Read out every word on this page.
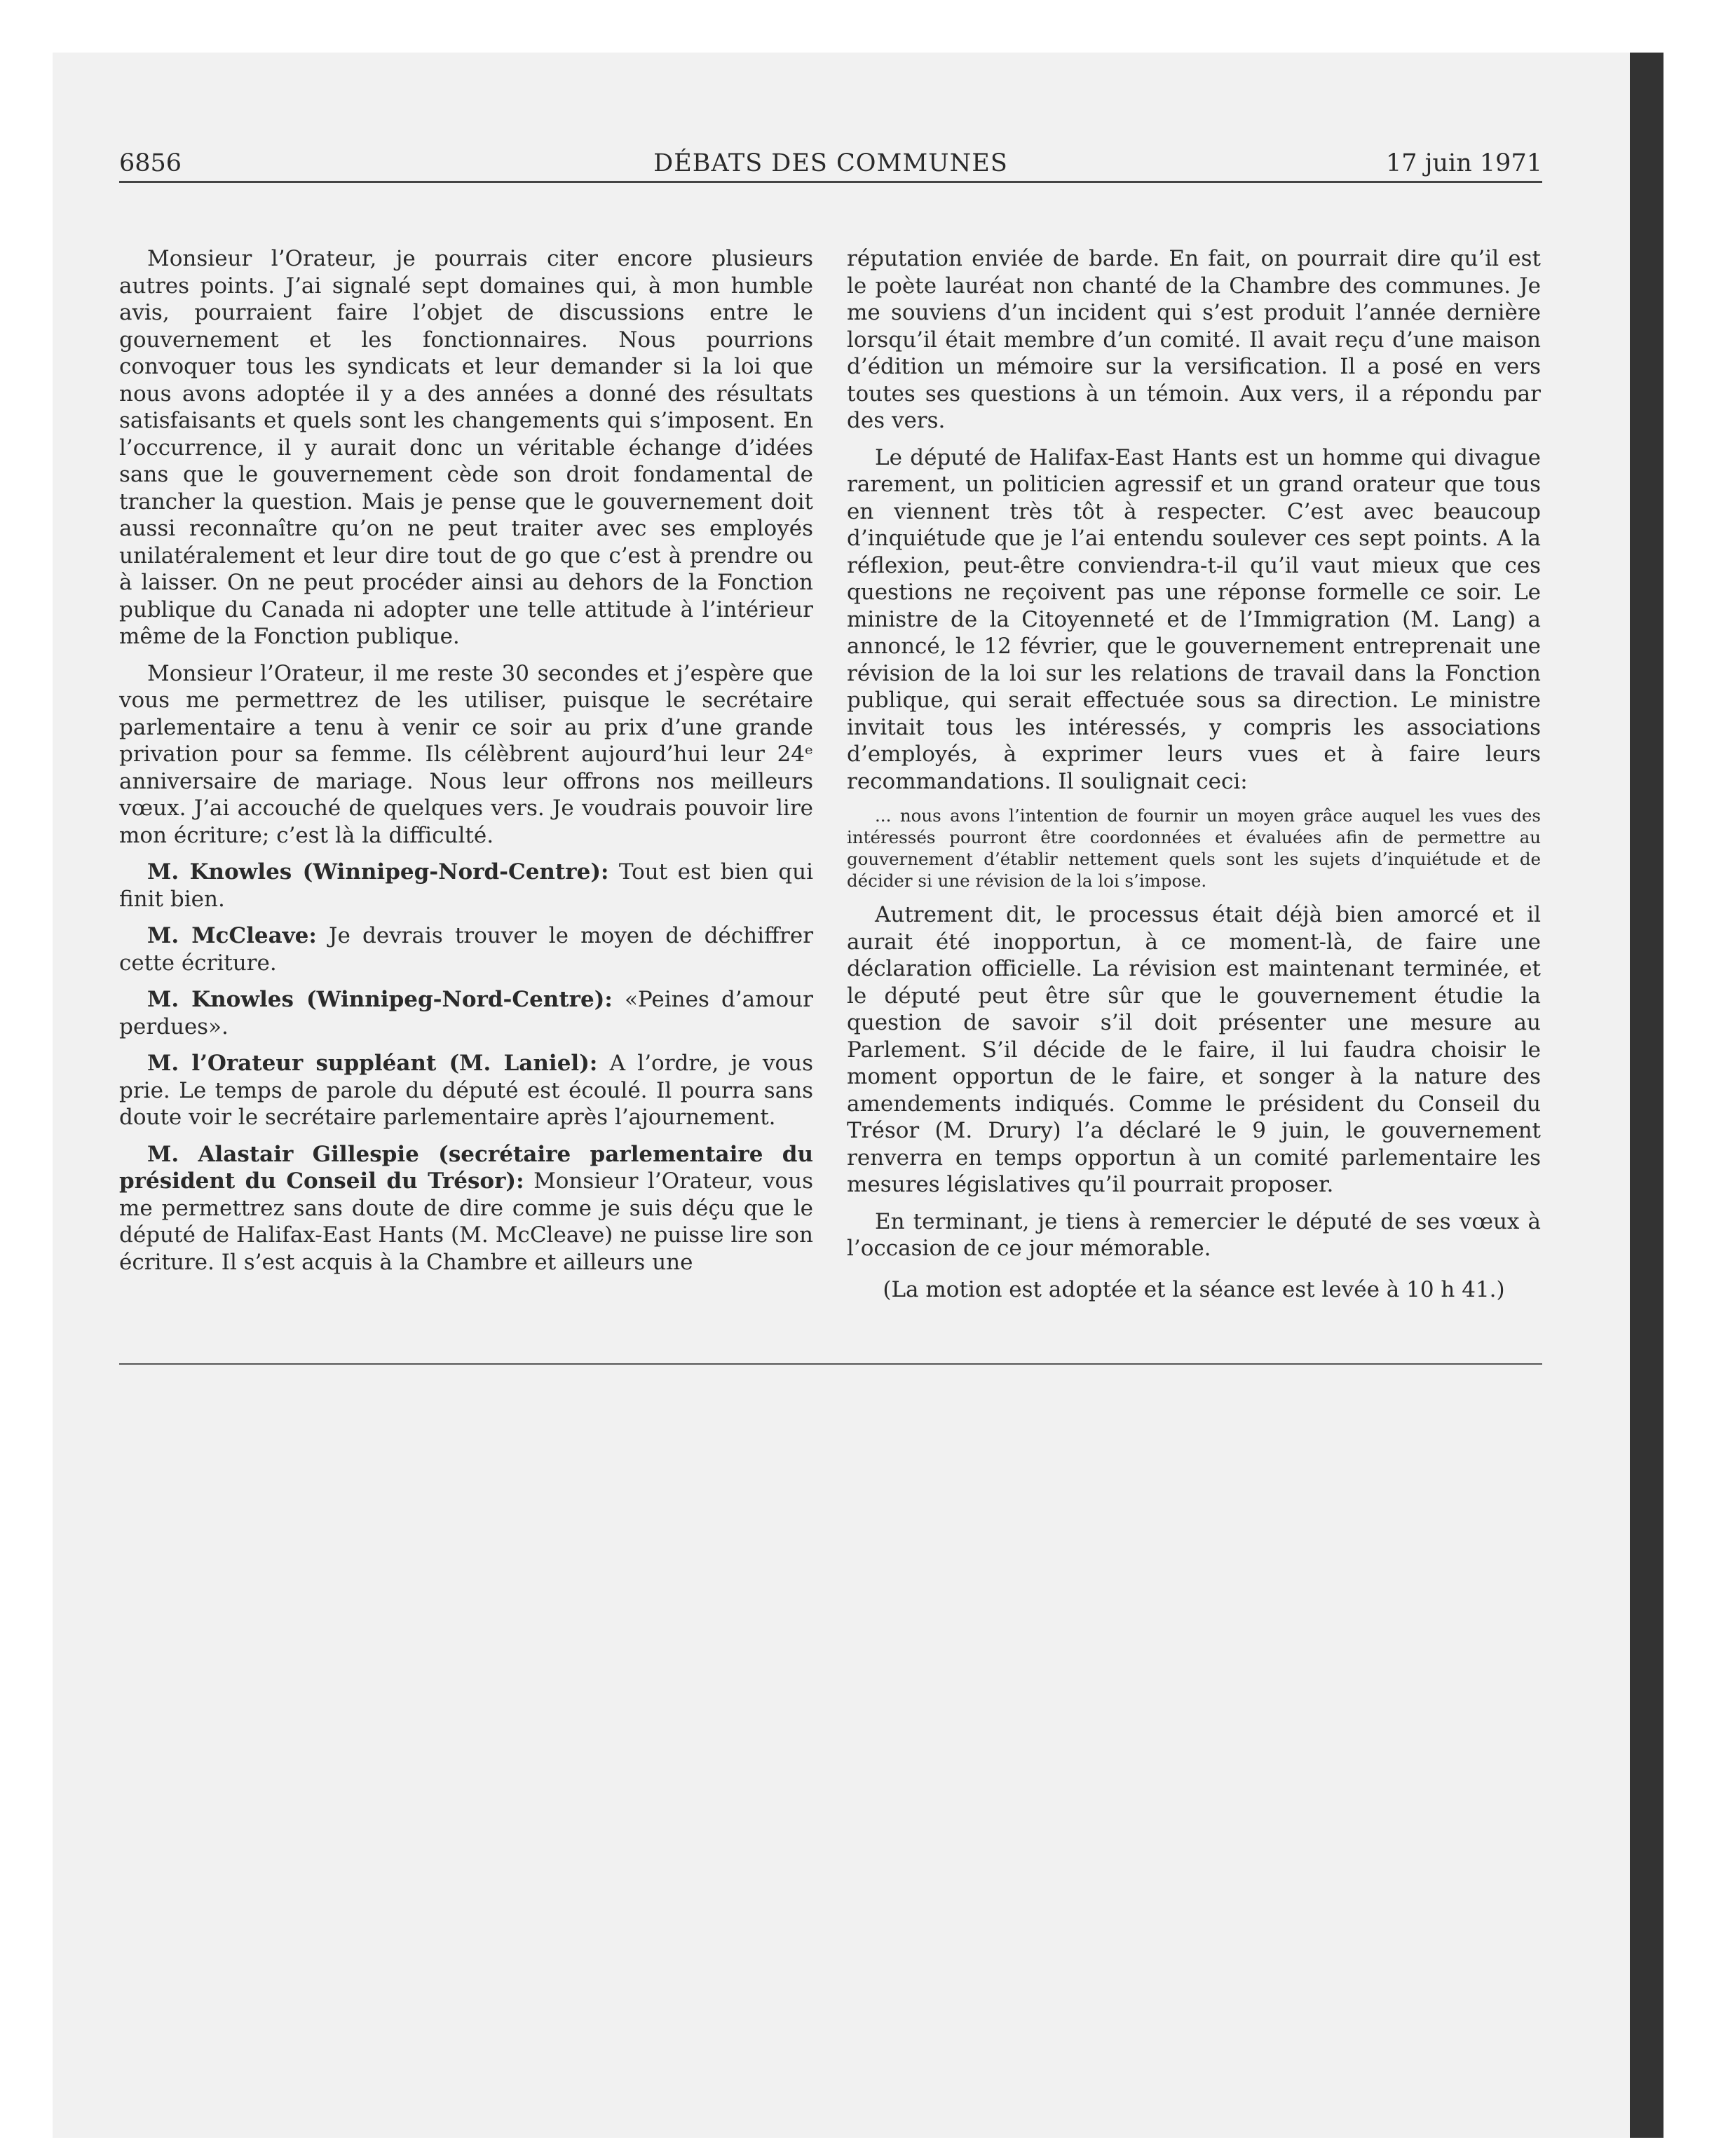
6856	DÉBATS DES COMMUNES	17 juin 1971

Monsieur l’Orateur, je pourrais citer encore plusieurs autres points. J’ai signalé sept domaines qui, à mon humble avis, pourraient faire l’objet de discussions entre le gouvernement et les fonctionnaires. Nous pourrions convoquer tous les syndicats et leur demander si la loi que nous avons adoptée il y a des années a donné des résultats satisfaisants et quels sont les changements qui s’imposent. En l’occurrence, il y aurait donc un véritable échange d’idées sans que le gouvernement cède son droit fondamental de trancher la question. Mais je pense que le gouvernement doit aussi reconnaître qu’on ne peut traiter avec ses employés unilatéralement et leur dire tout de go que c’est à prendre ou à laisser. On ne peut procéder ainsi au dehors de la Fonction publique du Canada ni adopter une telle attitude à l’intérieur même de la Fonction publique.

Monsieur l’Orateur, il me reste 30 secondes et j’espère que vous me permettrez de les utiliser, puisque le secrétaire parlementaire a tenu à venir ce soir au prix d’une grande privation pour sa femme. Ils célèbrent aujourd’hui leur 24ᵉ anniversaire de mariage. Nous leur offrons nos meilleurs vœux. J’ai accouché de quelques vers. Je voudrais pouvoir lire mon écriture; c’est là la difficulté.

M. Knowles (Winnipeg-Nord-Centre): Tout est bien qui finit bien.

M. McCleave: Je devrais trouver le moyen de déchiffrer cette écriture.

M. Knowles (Winnipeg-Nord-Centre): «Peines d’amour perdues».

M. l’Orateur suppléant (M. Laniel): A l’ordre, je vous prie. Le temps de parole du député est écoulé. Il pourra sans doute voir le secrétaire parlementaire après l’ajournement.

M. Alastair Gillespie (secrétaire parlementaire du président du Conseil du Trésor): Monsieur l’Orateur, vous me permettrez sans doute de dire comme je suis déçu que le député de Halifax-East Hants (M. McCleave) ne puisse lire son écriture. Il s’est acquis à la Chambre et ailleurs une

réputation enviée de barde. En fait, on pourrait dire qu’il est le poète lauréat non chanté de la Chambre des communes. Je me souviens d’un incident qui s’est produit l’année dernière lorsqu’il était membre d’un comité. Il avait reçu d’une maison d’édition un mémoire sur la versification. Il a posé en vers toutes ses questions à un témoin. Aux vers, il a répondu par des vers.

Le député de Halifax-East Hants est un homme qui divague rarement, un politicien agressif et un grand orateur que tous en viennent très tôt à respecter. C’est avec beaucoup d’inquiétude que je l’ai entendu soulever ces sept points. A la réflexion, peut-être conviendra-t-il qu’il vaut mieux que ces questions ne reçoivent pas une réponse formelle ce soir. Le ministre de la Citoyenneté et de l’Immigration (M. Lang) a annoncé, le 12 février, que le gouvernement entreprenait une révision de la loi sur les relations de travail dans la Fonction publique, qui serait effectuée sous sa direction. Le ministre invitait tous les intéressés, y compris les associations d’employés, à exprimer leurs vues et à faire leurs recommandations. Il soulignait ceci:

... nous avons l’intention de fournir un moyen grâce auquel les vues des intéressés pourront être coordonnées et évaluées afin de permettre au gouvernement d’établir nettement quels sont les sujets d’inquiétude et de décider si une révision de la loi s’impose.

Autrement dit, le processus était déjà bien amorcé et il aurait été inopportun, à ce moment-là, de faire une déclaration officielle. La révision est maintenant terminée, et le député peut être sûr que le gouvernement étudie la question de savoir s’il doit présenter une mesure au Parlement. S’il décide de le faire, il lui faudra choisir le moment opportun de le faire, et songer à la nature des amendements indiqués. Comme le président du Conseil du Trésor (M. Drury) l’a déclaré le 9 juin, le gouvernement renverra en temps opportun à un comité parlementaire les mesures législatives qu’il pourrait proposer.

En terminant, je tiens à remercier le député de ses vœux à l’occasion de ce jour mémorable.

(La motion est adoptée et la séance est levée à 10 h 41.)
